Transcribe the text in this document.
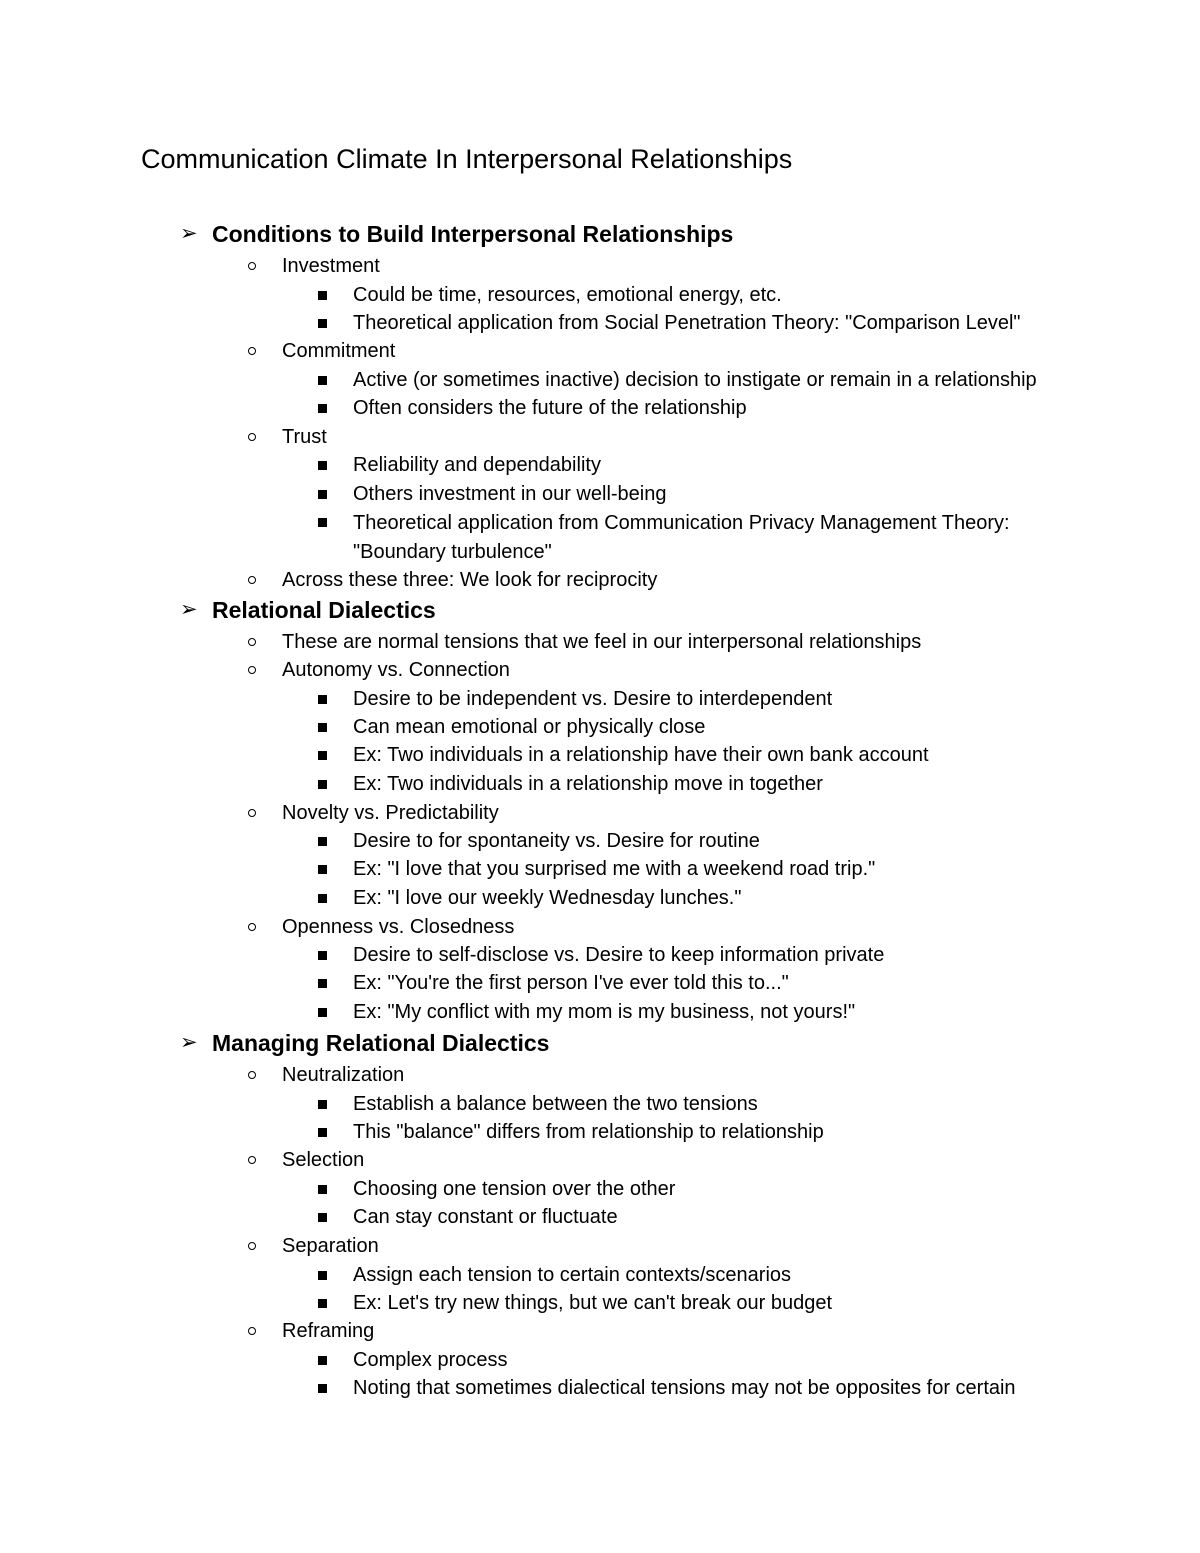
Communication Climate In Interpersonal Relationships
➢ Conditions to Build Interpersonal Relationships
Investment
Could be time, resources, emotional energy, etc.
Theoretical application from Social Penetration Theory: "Comparison Level"
Commitment
Active (or sometimes inactive) decision to instigate or remain in a relationship
Often considers the future of the relationship
Trust
Reliability and dependability
Others investment in our well-being
Theoretical application from Communication Privacy Management Theory: "Boundary turbulence"
Across these three: We look for reciprocity
➢ Relational Dialectics
These are normal tensions that we feel in our interpersonal relationships
Autonomy vs. Connection
Desire to be independent vs. Desire to interdependent
Can mean emotional or physically close
Ex: Two individuals in a relationship have their own bank account
Ex: Two individuals in a relationship move in together
Novelty vs. Predictability
Desire to for spontaneity vs. Desire for routine
Ex: "I love that you surprised me with a weekend road trip."
Ex: "I love our weekly Wednesday lunches."
Openness vs. Closedness
Desire to self-disclose vs. Desire to keep information private
Ex: "You're the first person I've ever told this to..."
Ex: "My conflict with my mom is my business, not yours!"
➢ Managing Relational Dialectics
Neutralization
Establish a balance between the two tensions
This "balance" differs from relationship to relationship
Selection
Choosing one tension over the other
Can stay constant or fluctuate
Separation
Assign each tension to certain contexts/scenarios
Ex: Let's try new things, but we can't break our budget
Reframing
Complex process
Noting that sometimes dialectical tensions may not be opposites for certain
